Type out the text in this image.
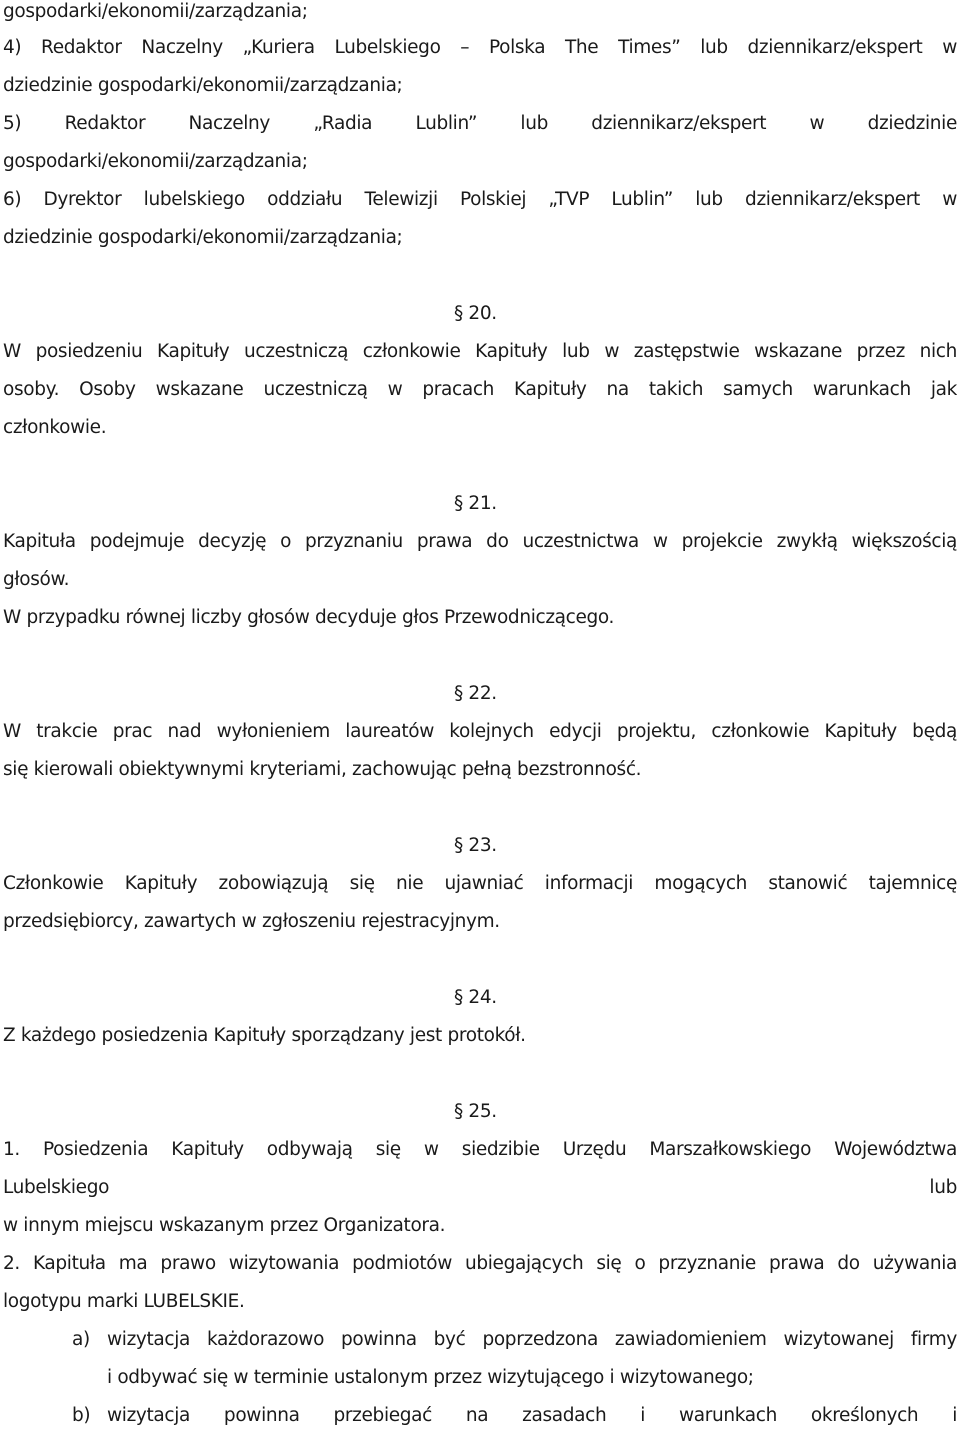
gospodarki/ekonomii/zarządzania;
4) Redaktor Naczelny „Kuriera Lubelskiego – Polska The Times” lub dziennikarz/ekspert w
dziedzinie gospodarki/ekonomii/zarządzania;
5) Redaktor Naczelny „Radia Lublin” lub dziennikarz/ekspert w dziedzinie
gospodarki/ekonomii/zarządzania;
6) Dyrektor lubelskiego oddziału Telewizji Polskiej „TVP Lublin” lub dziennikarz/ekspert w
dziedzinie gospodarki/ekonomii/zarządzania;
§ 20.
W posiedzeniu Kapituły uczestniczą członkowie Kapituły lub w zastępstwie wskazane przez nich
osoby. Osoby wskazane uczestniczą w pracach Kapituły na takich samych warunkach jak
członkowie.
§ 21.
Kapituła podejmuje decyzję o przyznaniu prawa do uczestnictwa w projekcie zwykłą większością
głosów.
W przypadku równej liczby głosów decyduje głos Przewodniczącego.
§ 22.
W trakcie prac nad wyłonieniem laureatów kolejnych edycji projektu, członkowie Kapituły będą
się kierowali obiektywnymi kryteriami, zachowując pełną bezstronność.
§ 23.
Członkowie Kapituły zobowiązują się nie ujawniać informacji mogących stanowić tajemnicę
przedsiębiorcy, zawartych w zgłoszeniu rejestracyjnym.
§ 24.
Z każdego posiedzenia Kapituły sporządzany jest protokół.
§ 25.
1. Posiedzenia Kapituły odbywają się w siedzibie Urzędu Marszałkowskiego Województwa
Lubelskiego lub
w innym miejscu wskazanym przez Organizatora.
2. Kapituła ma prawo wizytowania podmiotów ubiegających się o przyznanie prawa do używania
logotypu marki LUBELSKIE.
a) wizytacja każdorazowo powinna być poprzedzona zawiadomieniem wizytowanej firmy
i odbywać się w terminie ustalonym przez wizytującego i wizytowanego;
b) wizytacja powinna przebiegać na zasadach i warunkach określonych i
